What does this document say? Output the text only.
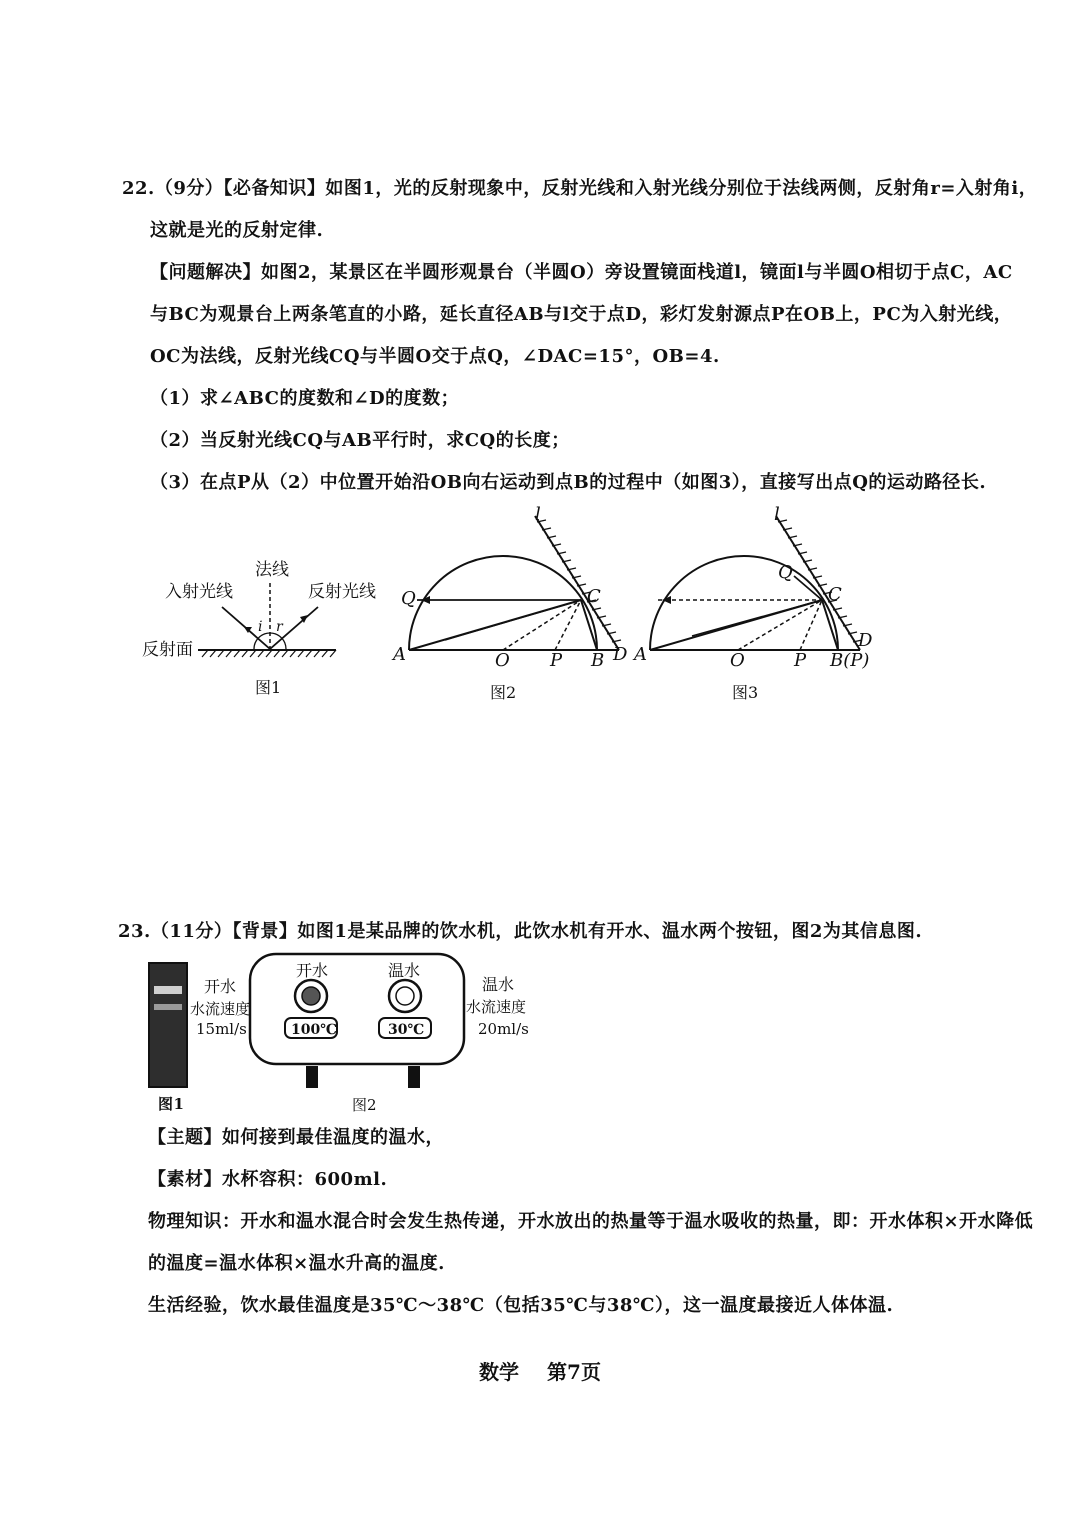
22.（9分）【必备知识】如图1，光的反射现象中，反射光线和入射光线分别位于法线两侧，反射角r=入射角i，
这就是光的反射定律.
【问题解决】如图2，某景区在半圆形观景台（半圆O）旁设置镜面栈道l，镜面l与半圆O相切于点C，AC
与BC为观景台上两条笔直的小路，延长直径AB与l交于点D，彩灯发射源点P在OB上，PC为入射光线，
OC为法线，反射光线CQ与半圆O交于点Q，∠DAC=15°，OB=4.
（1）求∠ABC的度数和∠D的度数；
（2）当反射光线CQ与AB平行时，求CQ的长度；
（3）在点P从（2）中位置开始沿OB向右运动到点B的过程中（如图3），直接写出点Q的运动路径长.
法线
入射光线	反射光线
i r
反射面
图1
l
Q	C
A	O P B D
图2
l
Q
C
A	O	P B(P)
D
图3
23.（11分）【背景】如图1是某品牌的饮水机，此饮水机有开水、温水两个按钮，图2为其信息图.
图1
开水
水流速度
15ml/s
温水
水流速度
20ml/s
开水	温水
100℃	30℃
图2
【主题】如何接到最佳温度的温水，
【素材】水杯容积：600ml.
物理知识：开水和温水混合时会发生热传递，开水放出的热量等于温水吸收的热量，即：开水体积×开水降低
的温度=温水体积×温水升高的温度.
生活经验，饮水最佳温度是35℃～38℃（包括35℃与38℃），这一温度最接近人体体温.
数学 第7页
